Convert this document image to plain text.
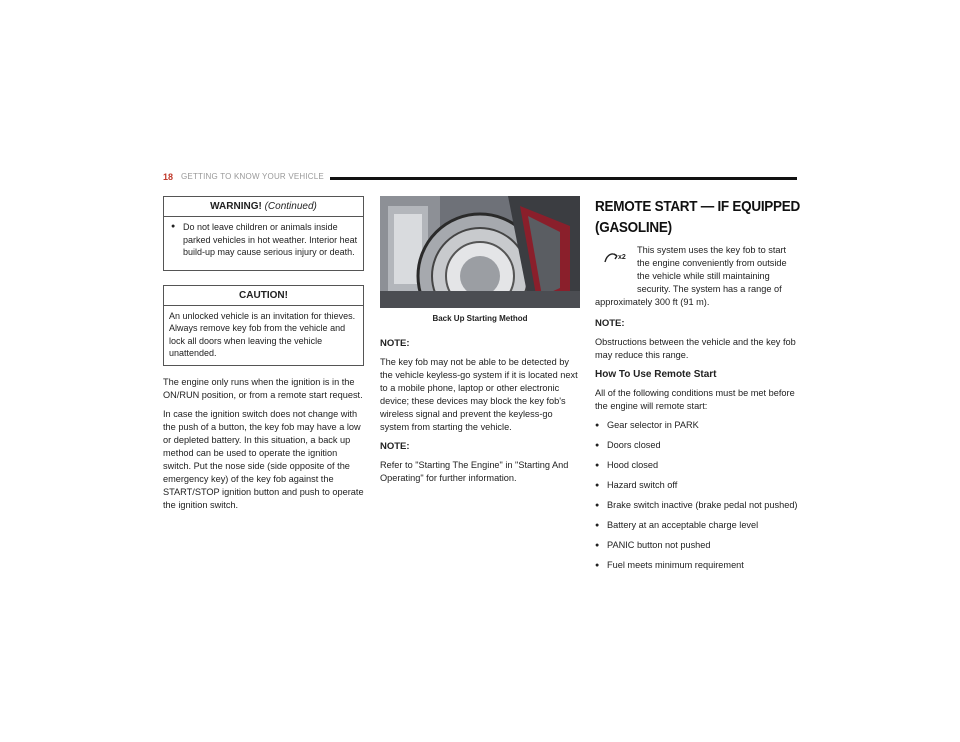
18 GETTING TO KNOW YOUR VEHICLE
WARNING! (Continued)

● Do not leave children or animals inside parked vehicles in hot weather. Interior heat build-up may cause serious injury or death.

CAUTION!
An unlocked vehicle is an invitation for thieves. Always remove key fob from the vehicle and lock all doors when leaving the vehicle unattended.

The engine only runs when the ignition is in the ON/RUN position, or from a remote start request.

In case the ignition switch does not change with the push of a button, the key fob may have a low or depleted battery. In this situation, a back up method can be used to operate the ignition switch. Put the nose side (side opposite of the emergency key) of the key fob against the START/STOP ignition button and push to operate the ignition switch.

Back Up Starting Method

NOTE:

The key fob may not be able to be detected by the vehicle keyless-go system if it is located next to a mobile phone, laptop or other electronic device; these devices may block the key fob's wireless signal and prevent the keyless-go system from starting the vehicle.

NOTE:

Refer to "Starting The Engine" in "Starting And Operating" for further information.

REMOTE START — IF EQUIPPED (GASOLINE)
x2
This system uses the key fob to start the engine conveniently from outside the vehicle while still maintaining security. The system has a range of

approximately 300 ft (91 m).

NOTE:

Obstructions between the vehicle and the key fob may reduce this range.

How To Use Remote Start

All of the following conditions must be met before the engine will remote start:

● Gear selector in PARK
● Doors closed
● Hood closed
● Hazard switch off
● Brake switch inactive (brake pedal not pushed)
● Battery at an acceptable charge level
● PANIC button not pushed
● Fuel meets minimum requirement
